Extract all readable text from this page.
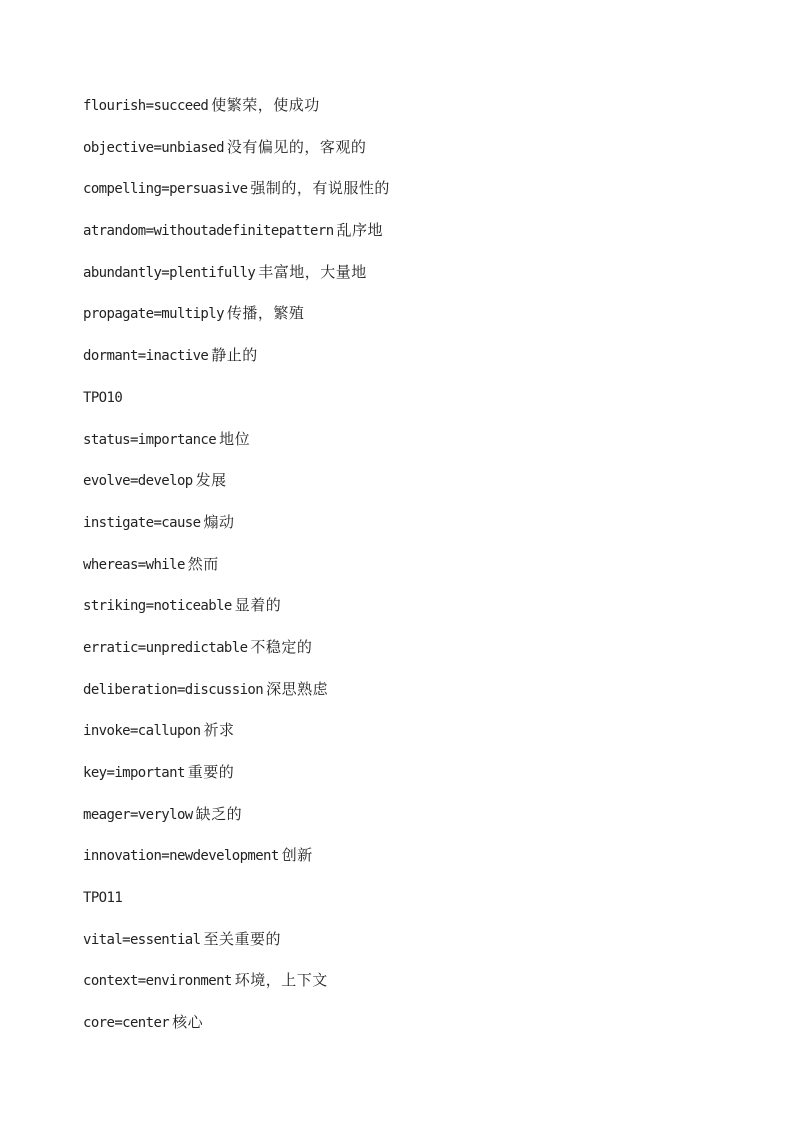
flourish=succeed 使繁荣，使成功
objective=unbiased 没有偏见的，客观的
compelling=persuasive 强制的，有说服性的
atrandom=withoutadefinitepattern 乱序地
abundantly=plentifully 丰富地，大量地
propagate=multiply 传播，繁殖
dormant=inactive 静止的
TPO10
status=importance 地位
evolve=develop 发展
instigate=cause 煽动
whereas=while 然而
striking=noticeable 显着的
erratic=unpredictable 不稳定的
deliberation=discussion 深思熟虑
invoke=callupon 祈求
key=important 重要的
meager=verylow 缺乏的
innovation=newdevelopment 创新
TPO11
vital=essential 至关重要的
context=environment 环境，上下文
core=center 核心
